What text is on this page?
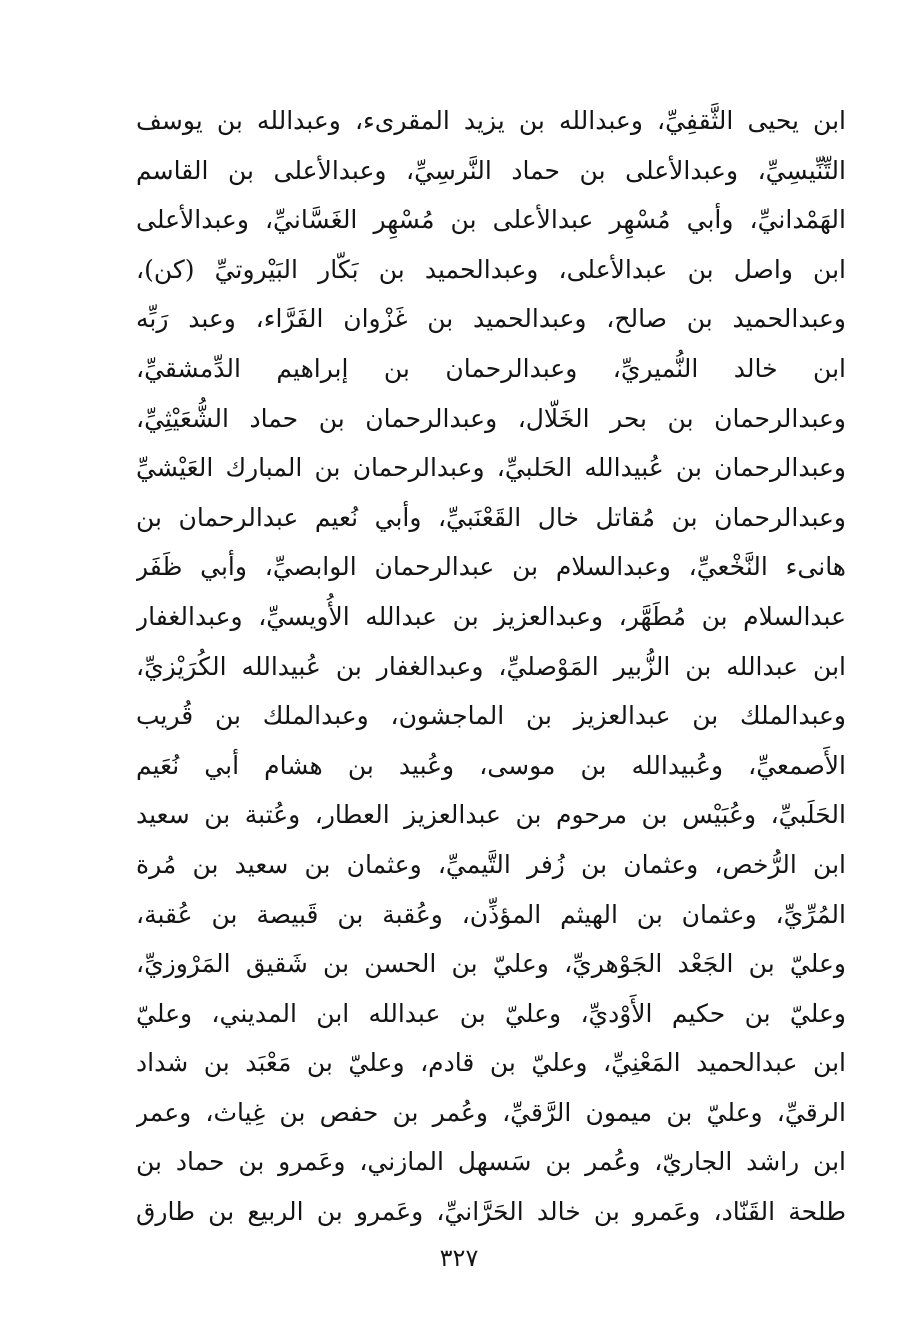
ابن يحيى الثَّقفِيِّ، وعبدالله بن يزيد المقرىء، وعبدالله بن يوسف
التِّنِّيسِيِّ، وعبدالأعلى بن حماد النَّرسِيِّ، وعبدالأعلى بن القاسم
الهَمْدانيِّ، وأبي مُسْهِر عبدالأعلى بن مُسْهِر الغَسَّانيِّ، وعبدالأعلى
ابن واصل بن عبدالأعلى، وعبدالحميد بن بَكّار البَيْروتيِّ (كن)،
وعبدالحميد بن صالح، وعبدالحميد بن غَزْوان الفَرَّاء، وعبد رَبِّه
ابن خالد النُّميريِّ، وعبدالرحمان بن إبراهيم الدِّمشقيِّ،
وعبدالرحمان بن بحر الخَلّال، وعبدالرحمان بن حماد الشُّعَيْثِيِّ،
وعبدالرحمان بن عُبيدالله الحَلبيِّ، وعبدالرحمان بن المبارك العَيْشيِّ
وعبدالرحمان بن مُقاتل خال القَعْنَبيِّ، وأبي نُعيم عبدالرحمان بن
هانىء النَّخْعيِّ، وعبدالسلام بن عبدالرحمان الوابصيِّ، وأبي ظَفَر
عبدالسلام بن مُطَهَّر، وعبدالعزيز بن عبدالله الأُويسيِّ، وعبدالغفار
ابن عبدالله بن الزُّبير المَوْصليِّ، وعبدالغفار بن عُبيدالله الكُرَيْزيِّ،
وعبدالملك بن عبدالعزيز بن الماجشون، وعبدالملك بن قُريب
الأَصمعيِّ، وعُبيدالله بن موسى، وعُبيد بن هشام أبي نُعَيم
الحَلَبيِّ، وعُبَيْس بن مرحوم بن عبدالعزيز العطار، وعُتبة بن سعيد
ابن الرُّخص، وعثمان بن زُفر التَّيميِّ، وعثمان بن سعيد بن مُرة
المُرِّيِّ، وعثمان بن الهيثم المؤذِّن، وعُقبة بن قَبيصة بن عُقبة،
وعليّ بن الجَعْد الجَوْهريِّ، وعليّ بن الحسن بن شَقيق المَرْوزيِّ،
وعليّ بن حكيم الأَوْديِّ، وعليّ بن عبدالله ابن المديني، وعليّ
ابن عبدالحميد المَعْنِيِّ، وعليّ بن قادم، وعليّ بن مَعْبَد بن شداد
الرقيِّ، وعليّ بن ميمون الرَّقيِّ، وعُمر بن حفص بن غِياث، وعمر
ابن راشد الجاريّ، وعُمر بن سَسهل المازني، وعَمرو بن حماد بن
طلحة القَنّاد، وعَمرو بن خالد الحَرَّانيِّ، وعَمرو بن الربيع بن طارق
٣٢٧
